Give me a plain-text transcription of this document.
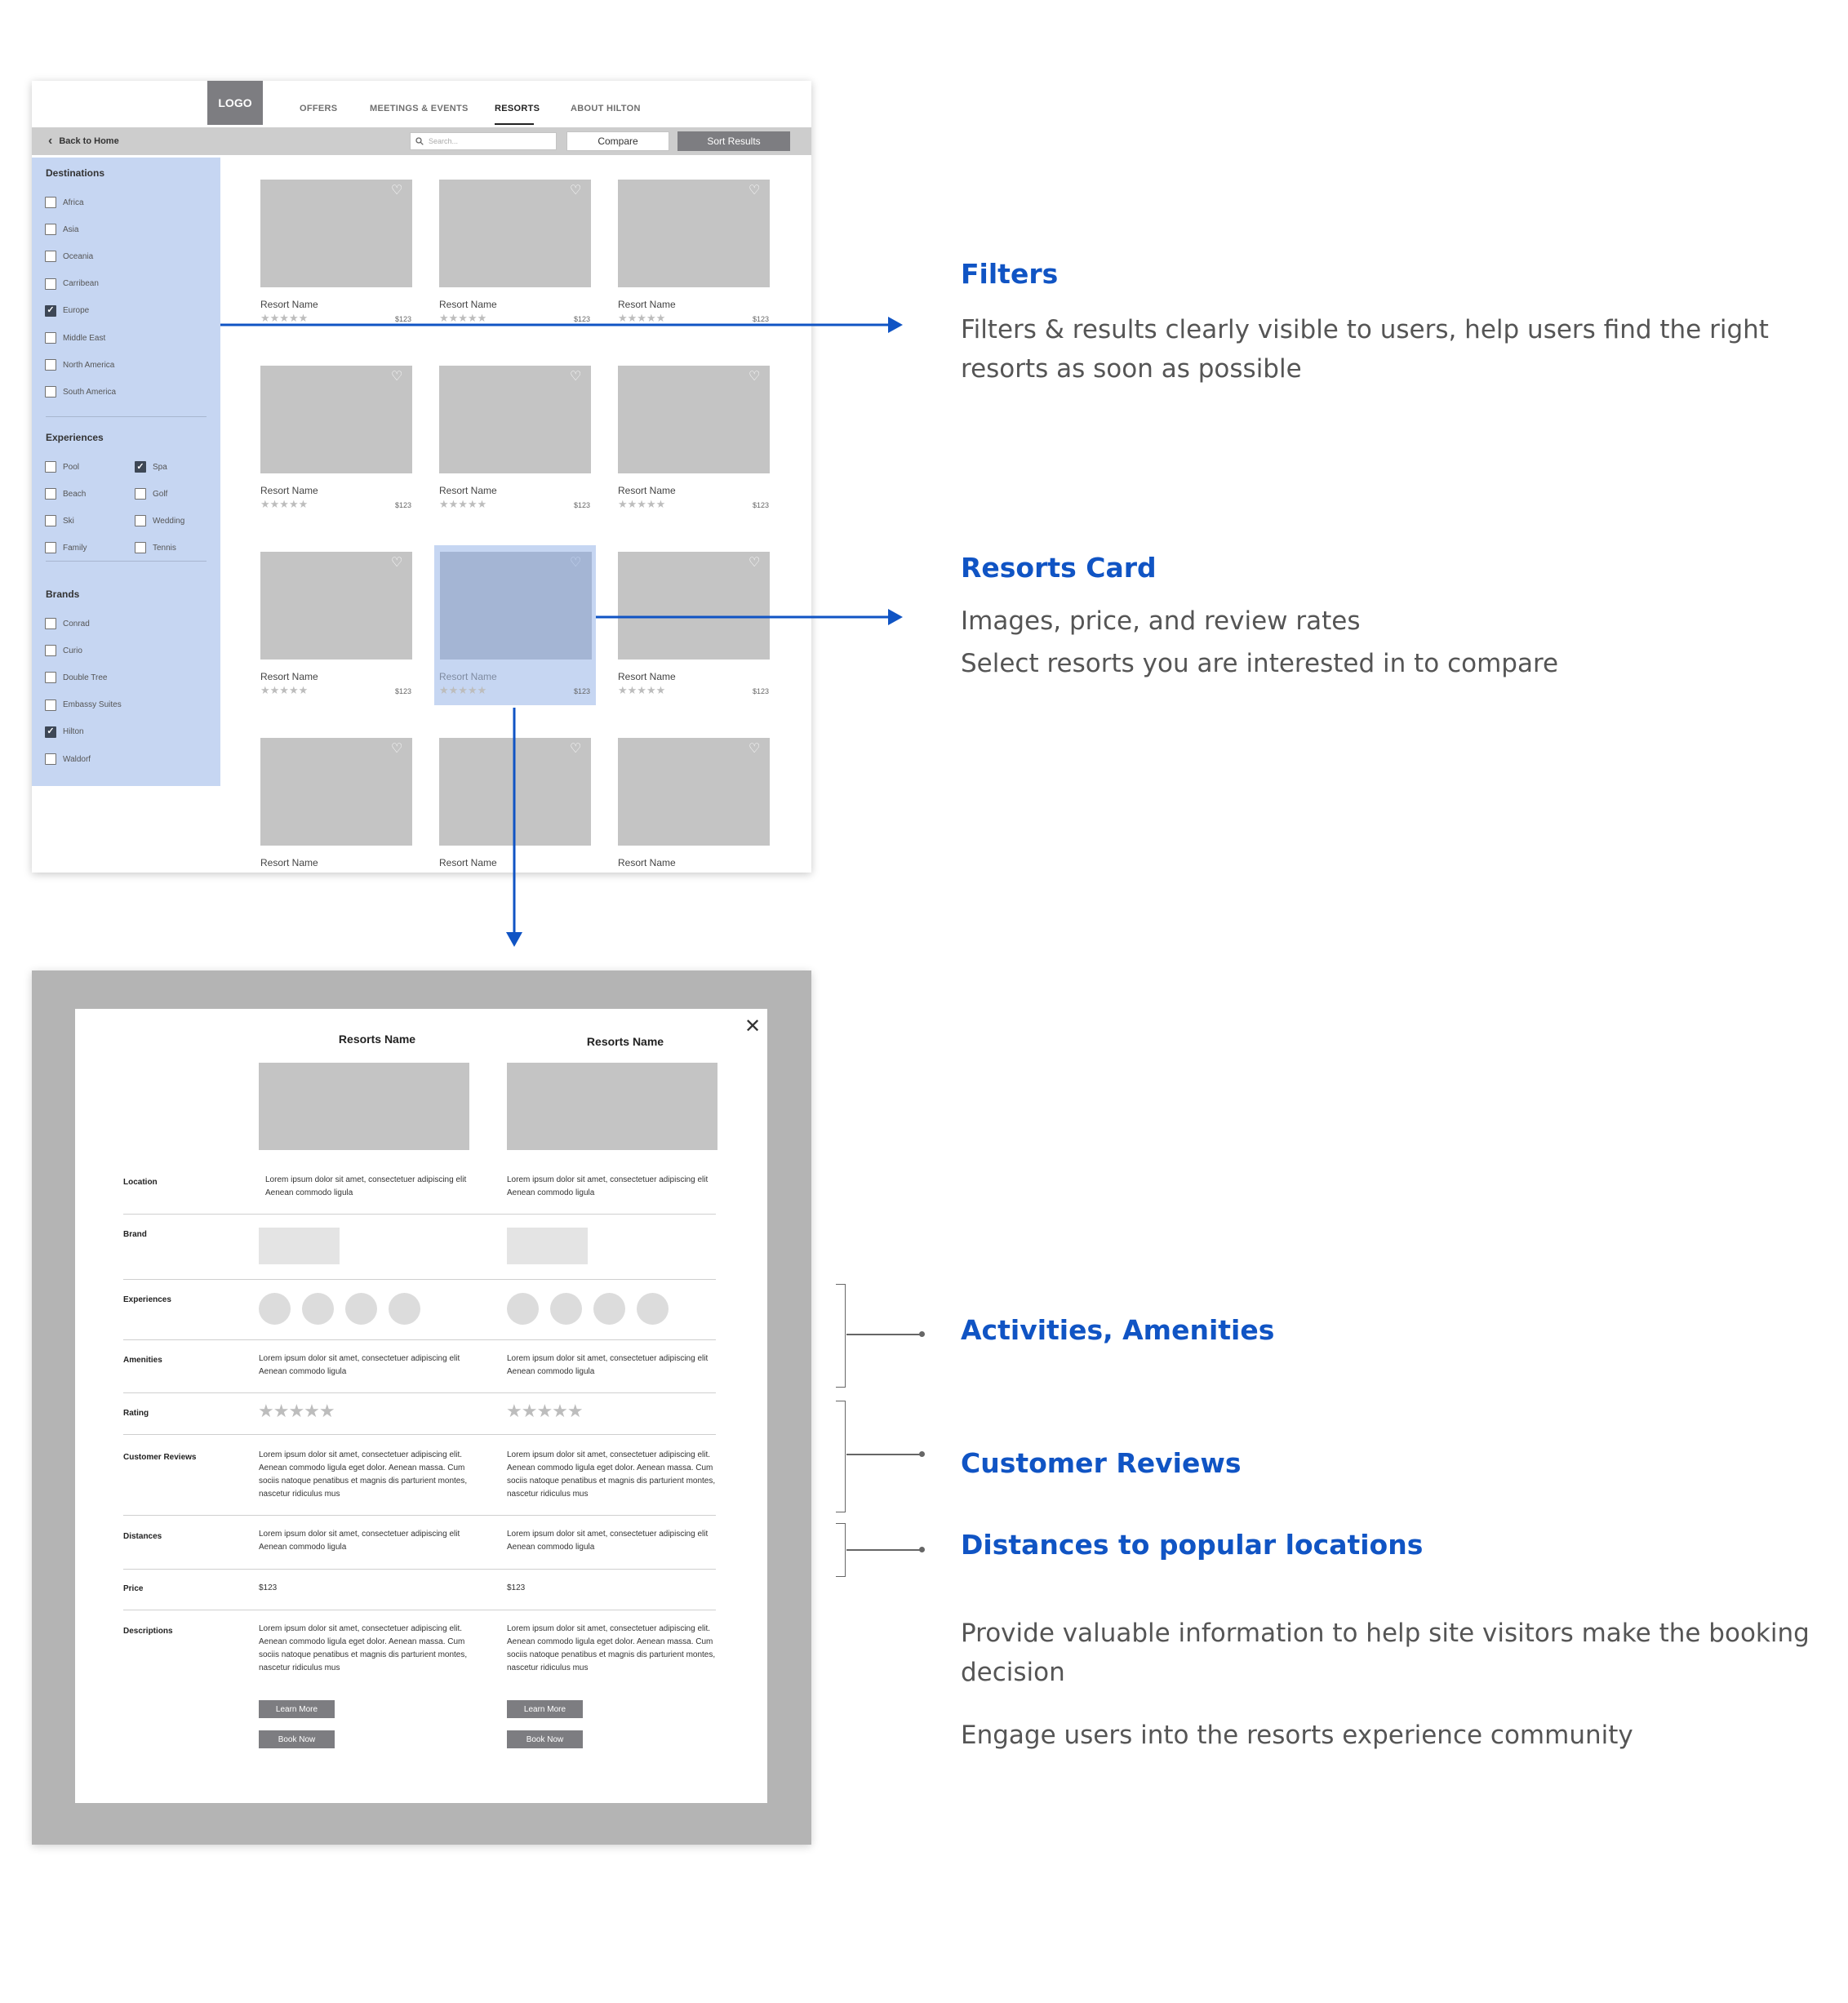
LOGO	OFFERS	MEETINGS & EVENTS	RESORTS	ABOUT HILTON
‹ Back to Home	Search...	Compare	Sort Results
Destinations
Africa
Asia
Oceania
Carribean
✓
Europe
Middle East
North America
South America
Experiences
Pool
✓	Spa
Beach	Golf
Ski	Wedding
Family	Tennis
Brands
Conrad
Curio
Double Tree
Embassy Suites
✓
Hilton
Waldorf
♡
Resort Name
★★★★★	$123
♡
Resort Name
★★★★★	$123
♡
Resort Name
★★★★★	$123
♡
Resort Name
★★★★★	$123
♡
Resort Name
★★★★★	$123
♡
Resort Name
★★★★★	$123
♡
Resort Name
★★★★★	$123
♡
Resort Name
★★★★★	$123
♡
Resort Name
★★★★★	$123
♡
Resort Name
♡
Resort Name
♡
Resort Name
✕
Resorts Name	Resorts Name
Location	Lorem ipsum dolor sit amet, consectetuer adipiscing elit Aenean commodo ligula
Lorem ipsum dolor sit amet, consectetuer adipiscing elit Aenean commodo ligula
Brand
Experiences
Amenities	Lorem ipsum dolor sit amet, consectetuer adipiscing elit Aenean commodo ligula
Lorem ipsum dolor sit amet, consectetuer adipiscing elit Aenean commodo ligula
Rating	★★★★★	★★★★★
Customer Reviews	Lorem ipsum dolor sit amet, consectetuer adipiscing elit. Aenean commodo ligula eget dolor. Aenean massa. Cum sociis natoque penatibus et magnis dis parturient montes, nascetur ridiculus mus
Lorem ipsum dolor sit amet, consectetuer adipiscing elit. Aenean commodo ligula eget dolor. Aenean massa. Cum sociis natoque penatibus et magnis dis parturient montes, nascetur ridiculus mus
Distances	Lorem ipsum dolor sit amet, consectetuer adipiscing elit Aenean commodo ligula
Lorem ipsum dolor sit amet, consectetuer adipiscing elit Aenean commodo ligula
Price	$123	$123
Descriptions	Lorem ipsum dolor sit amet, consectetuer adipiscing elit. Aenean commodo ligula eget dolor. Aenean massa. Cum sociis natoque penatibus et magnis dis parturient montes, nascetur ridiculus mus
Lorem ipsum dolor sit amet, consectetuer adipiscing elit. Aenean commodo ligula eget dolor. Aenean massa. Cum sociis natoque penatibus et magnis dis parturient montes, nascetur ridiculus mus
Learn More	Learn More
Book Now	Book Now
Filters
Filters & results clearly visible to users, help users find the right resorts as soon as possible
Resorts Card
Images, price, and review rates
Select resorts you are interested in to compare
Activities, Amenities
Customer Reviews
Distances to popular locations
Provide valuable information to help site visitors make the booking decision
Engage users into the resorts experience community
